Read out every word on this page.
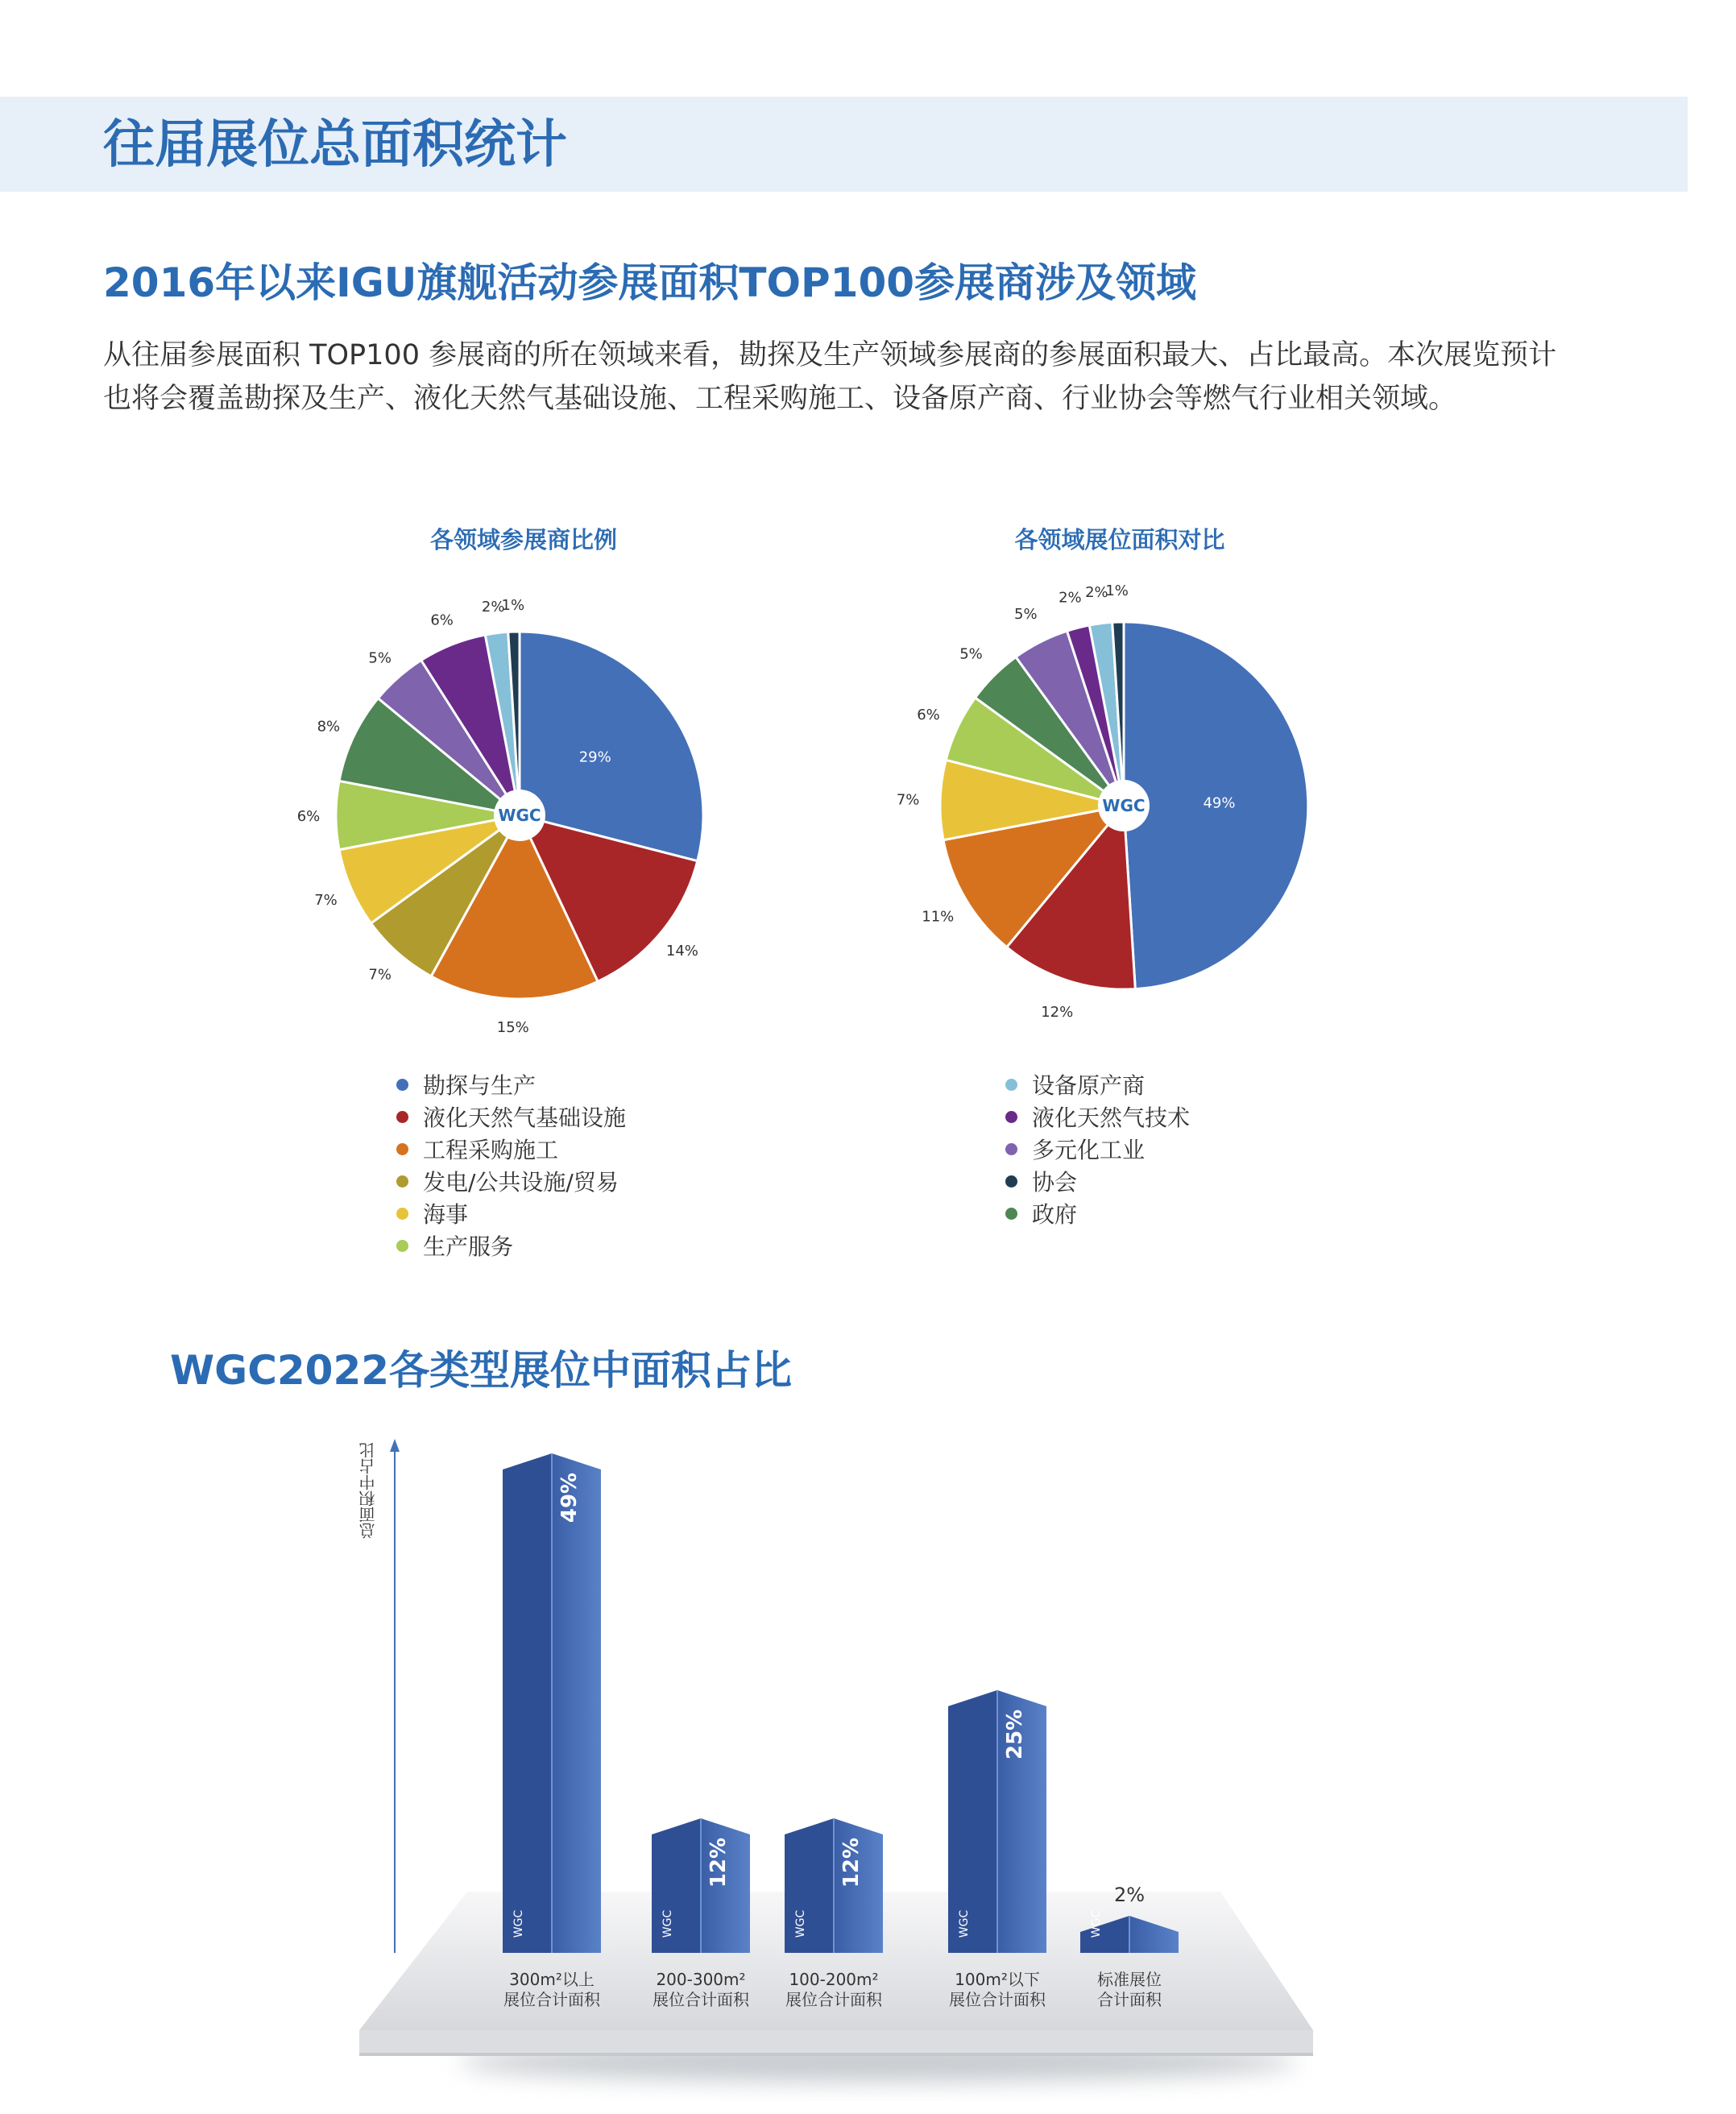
往届展位总面积统计
2016年以来IGU旗舰活动参展面积TOP100参展商涉及领域

从往届参展面积 TOP100 参展商的所在领域来看，勘探及生产领域参展商的参展面积最大、占比最高。本次展览预计
也将会覆盖勘探及生产、液化天然气基础设施、工程采购施工、设备原产商、行业协会等燃气行业相关领域。

各领域参展商比例	各领域展位面积对比
29%
14%
15%
7%
7%
6%
8%
5%
6%
2%
1%
WGC
49%
12%
11%
7%
6%
5%
5%
2% 2%
1%
WGC
49%
WGC
300m²以上
展位合计面积
12%
WGC
200-300m²
展位合计面积
12%
WGC
100-200m²
展位合计面积
25%
WGC
100m²以下
展位合计面积
2%
WGC
标准展位
合计面积
勘探与生产
液化天然气基础设施
工程采购施工
发电/公共设施/贸易
海事
生产服务
设备原产商
液化天然气技术
多元化工业
协会
政府
WGC2022各类型展位中面积占比
总面积中占比
